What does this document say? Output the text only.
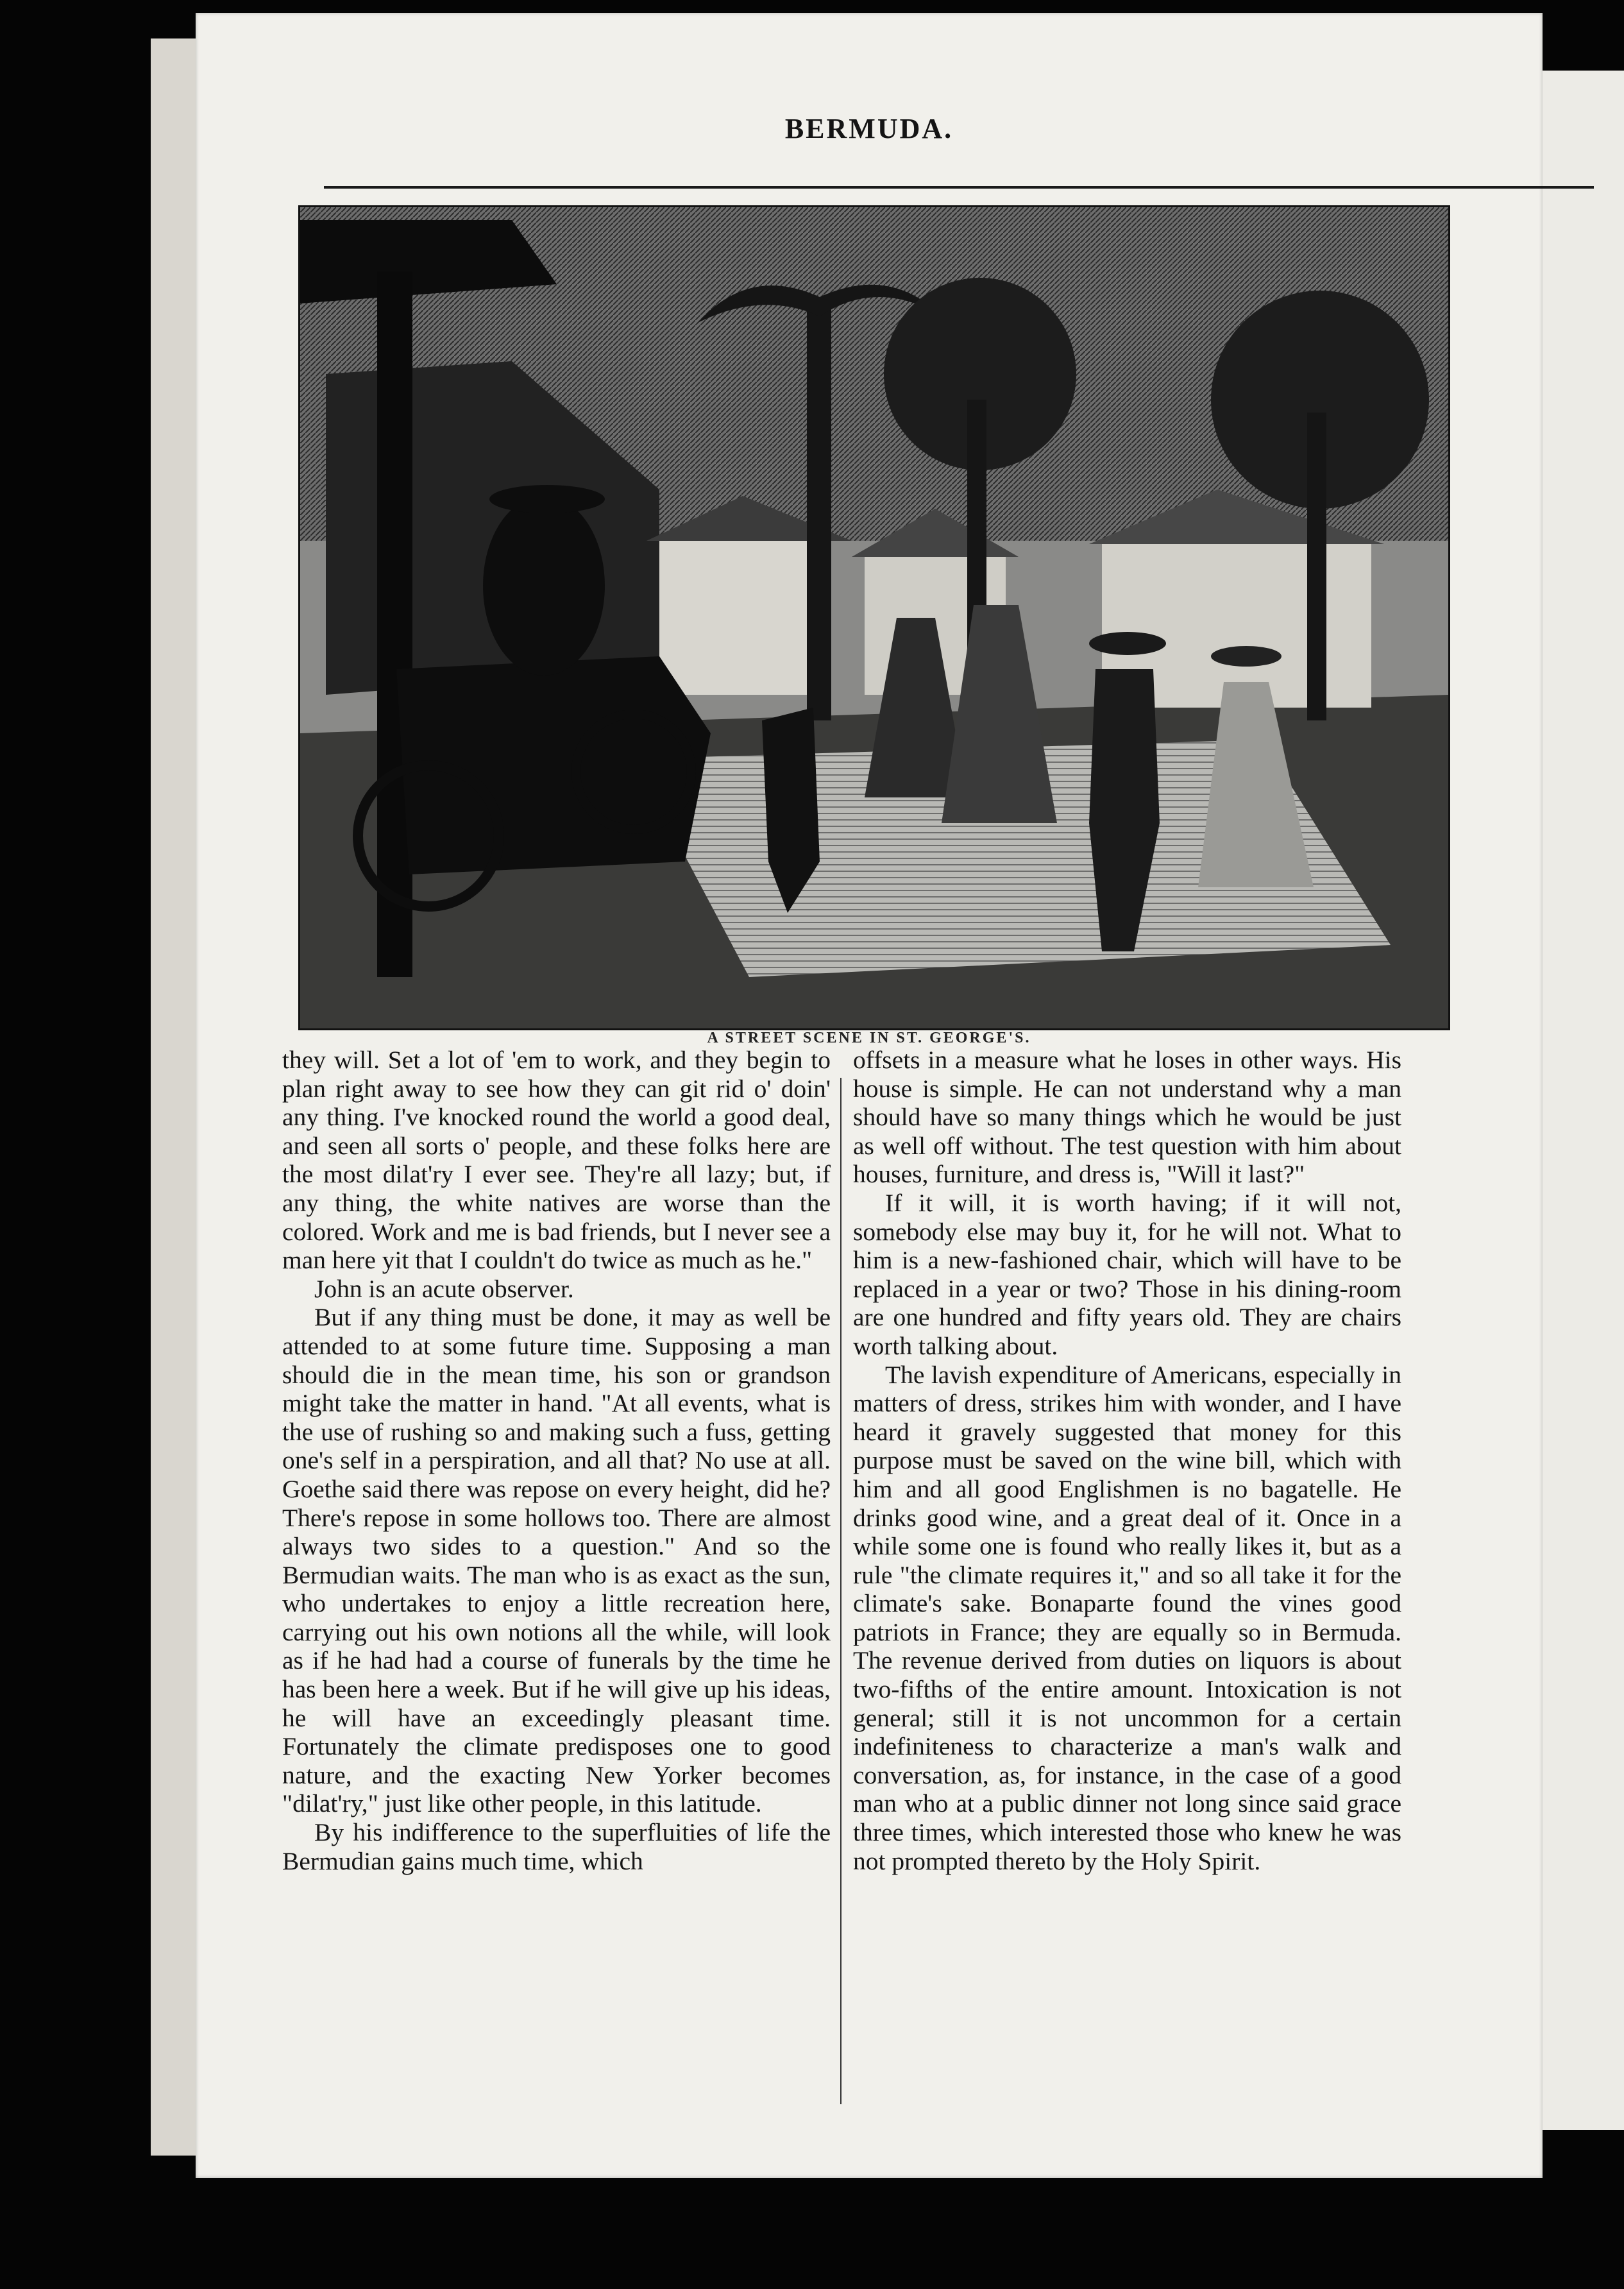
BERMUDA.
A STREET SCENE IN ST. GEORGE'S.

they will. Set a lot of 'em to work, and they begin to plan right away to see how they can git rid o' doin' any thing. I've knocked round the world a good deal, and seen all sorts o' people, and these folks here are the most dilat'ry I ever see. They're all lazy; but, if any thing, the white natives are worse than the colored. Work and me is bad friends, but I never see a man here yit that I couldn't do twice as much as he."

John is an acute observer.

But if any thing must be done, it may as well be attended to at some future time. Supposing a man should die in the mean time, his son or grandson might take the matter in hand. "At all events, what is the use of rushing so and making such a fuss, getting one's self in a perspiration, and all that? No use at all. Goethe said there was repose on every height, did he? There's repose in some hollows too. There are almost always two sides to a question." And so the Bermudian waits. The man who is as exact as the sun, who undertakes to enjoy a little recreation here, carrying out his own notions all the while, will look as if he had had a course of funerals by the time he has been here a week. But if he will give up his ideas, he will have an exceedingly pleasant time. Fortunately the climate predisposes one to good nature, and the exacting New Yorker becomes "dilat'ry," just like other people, in this latitude.

By his indifference to the superfluities of life the Bermudian gains much time, which

offsets in a measure what he loses in other ways. His house is simple. He can not understand why a man should have so many things which he would be just as well off without. The test question with him about houses, furniture, and dress is, "Will it last?"

If it will, it is worth having; if it will not, somebody else may buy it, for he will not. What to him is a new-fashioned chair, which will have to be replaced in a year or two? Those in his dining-room are one hundred and fifty years old. They are chairs worth talking about.

The lavish expenditure of Americans, especially in matters of dress, strikes him with wonder, and I have heard it gravely suggested that money for this purpose must be saved on the wine bill, which with him and all good Englishmen is no bagatelle. He drinks good wine, and a great deal of it. Once in a while some one is found who really likes it, but as a rule "the climate requires it," and so all take it for the climate's sake. Bonaparte found the vines good patriots in France; they are equally so in Bermuda. The revenue derived from duties on liquors is about two-fifths of the entire amount. Intoxication is not general; still it is not uncommon for a certain indefiniteness to characterize a man's walk and conversation, as, for instance, in the case of a good man who at a public dinner not long since said grace three times, which interested those who knew he was not prompted thereto by the Holy Spirit.
